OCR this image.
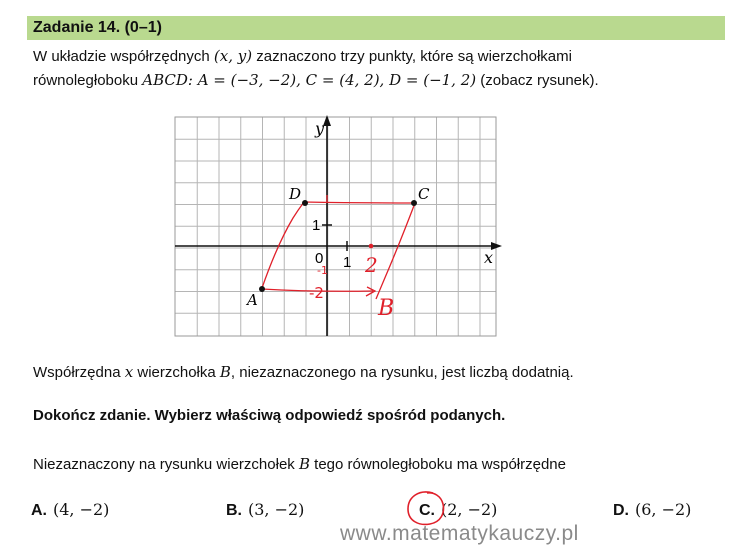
Zadanie 14. (0–1)
W układzie współrzędnych (x, y) zaznaczono trzy punkty, które są wierzchołkami
równoległoboku ABCD: A = (−3, −2), C = (4, 2), D = (−1, 2) (zobacz rysunek).
y
x
0 1
1
2
-1
-2
B
A
C
D
Współrzędna x wierzchołka B, niezaznaczonego na rysunku, jest liczbą dodatnią.
Dokończ zdanie. Wybierz właściwą odpowiedź spośród podanych.
Niezaznaczony na rysunku wierzchołek B tego równoległoboku ma współrzędne
A. (4, −2)	B. (3, −2)	C. (2, −2)	D. (6, −2)
www.matematykauczy.pl
